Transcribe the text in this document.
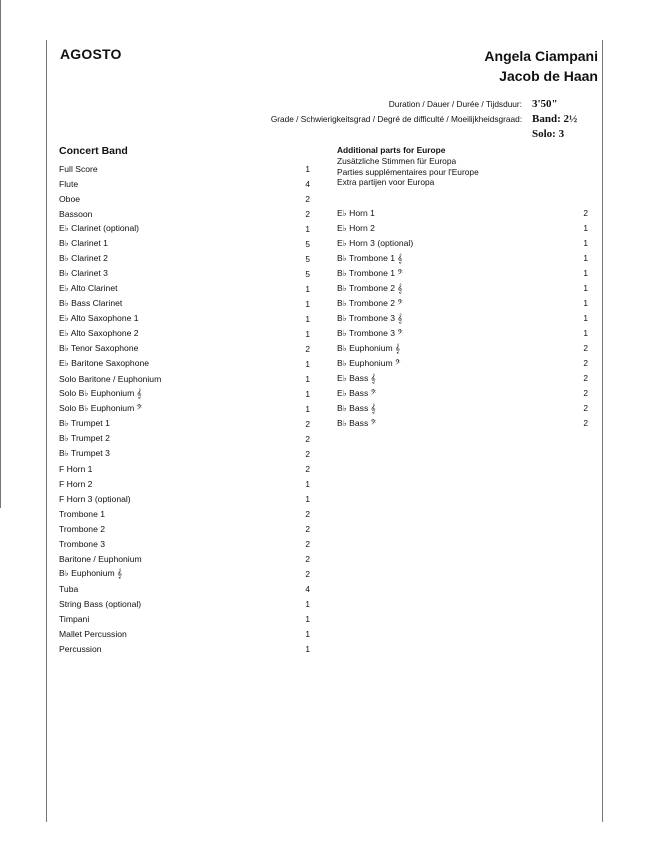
AGOSTO	Angela Ciampani
Jacob de Haan
Duration / Dauer / Durée / Tijdsduur: 3'50"
Grade / Schwierigkeitsgrad / Degré de difficulté / Moeilijkheidsgraad: Band: 2½
Solo: 3
Concert Band
Full Score	1
Flute	4
Oboe	2
Bassoon	2
E♭ Clarinet (optional)	1
B♭ Clarinet 1	5
B♭ Clarinet 2	5
B♭ Clarinet 3	5
E♭ Alto Clarinet	1
B♭ Bass Clarinet	1
E♭ Alto Saxophone 1	1
E♭ Alto Saxophone 2	1
B♭ Tenor Saxophone	2
E♭ Baritone Saxophone	1
Solo Baritone / Euphonium	1
Solo B♭ Euphonium 𝄞	1
Solo B♭ Euphonium 𝄢	1
B♭ Trumpet 1	2
B♭ Trumpet 2	2
B♭ Trumpet 3	2
F Horn 1	2
F Horn 2	1
F Horn 3 (optional)	1
Trombone 1	2
Trombone 2	2
Trombone 3	2
Baritone / Euphonium	2
B♭ Euphonium 𝄞	2
Tuba	4
String Bass (optional)	1
Timpani	1
Mallet Percussion	1
Percussion	1
Additional parts for Europe
Zusätzliche Stimmen für Europa
Parties supplémentaires pour l'Europe
Extra partijen voor Europa
E♭ Horn 1	2
E♭ Horn 2	1
E♭ Horn 3 (optional)	1
B♭ Trombone 1 𝄞	1
B♭ Trombone 1 𝄢	1
B♭ Trombone 2 𝄞	1
B♭ Trombone 2 𝄢	1
B♭ Trombone 3 𝄞	1
B♭ Trombone 3 𝄢	1
B♭ Euphonium 𝄞	2
B♭ Euphonium 𝄢	2
E♭ Bass 𝄞	2
E♭ Bass 𝄢	2
B♭ Bass 𝄞	2
B♭ Bass 𝄢	2
